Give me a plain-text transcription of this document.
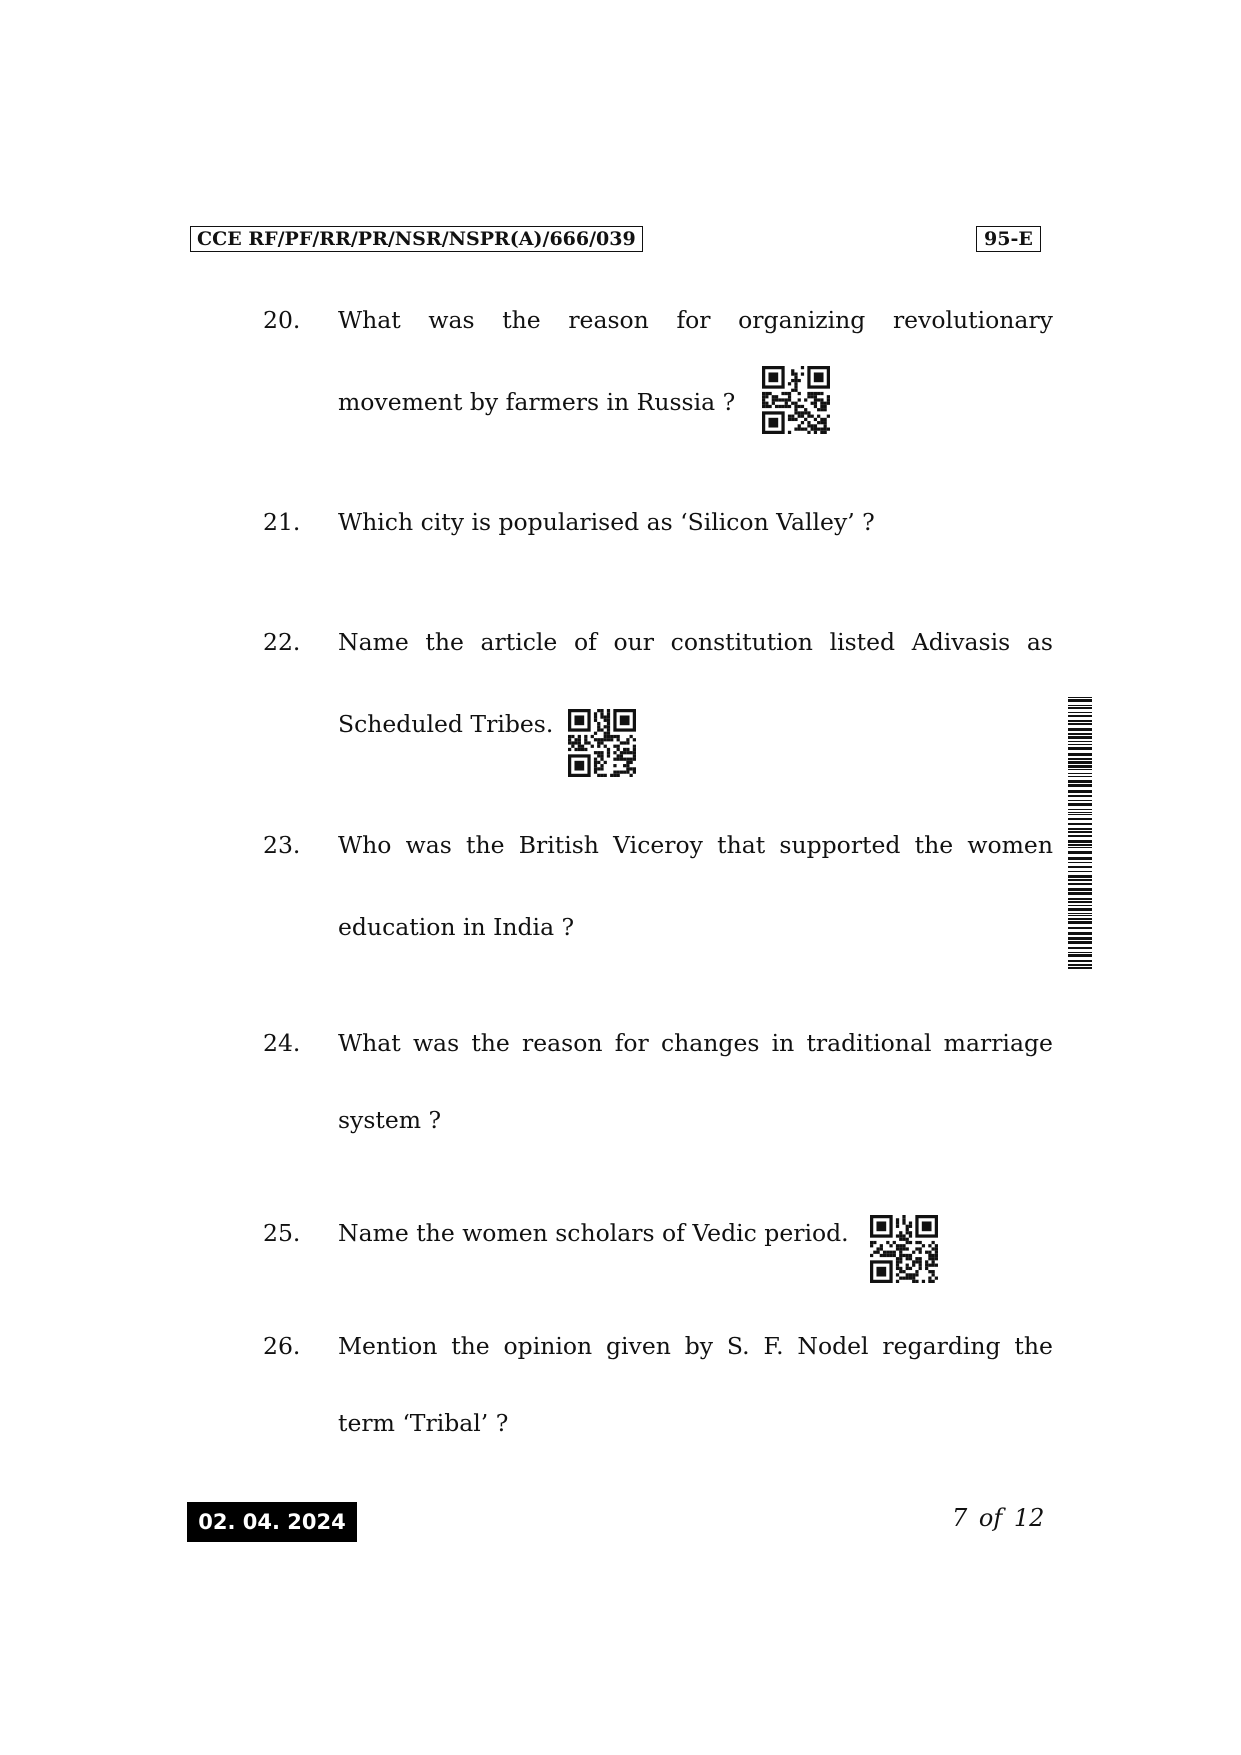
CCE RF/PF/RR/PR/NSR/NSPR(A)/666/039	95-E
20. What was the reason for organizing revolutionary
movement by farmers in Russia ?
21. Which city is popularised as ‘Silicon Valley’ ?
22. Name the article of our constitution listed Adivasis as
Scheduled Tribes.
23. Who was the British Viceroy that supported the women
education in India ?
24. What was the reason for changes in traditional marriage
system ?
25. Name the women scholars of Vedic period.
26. Mention the opinion given by S. F. Nodel regarding the
term ‘Tribal’ ?
02. 04. 2024	7 of 12
